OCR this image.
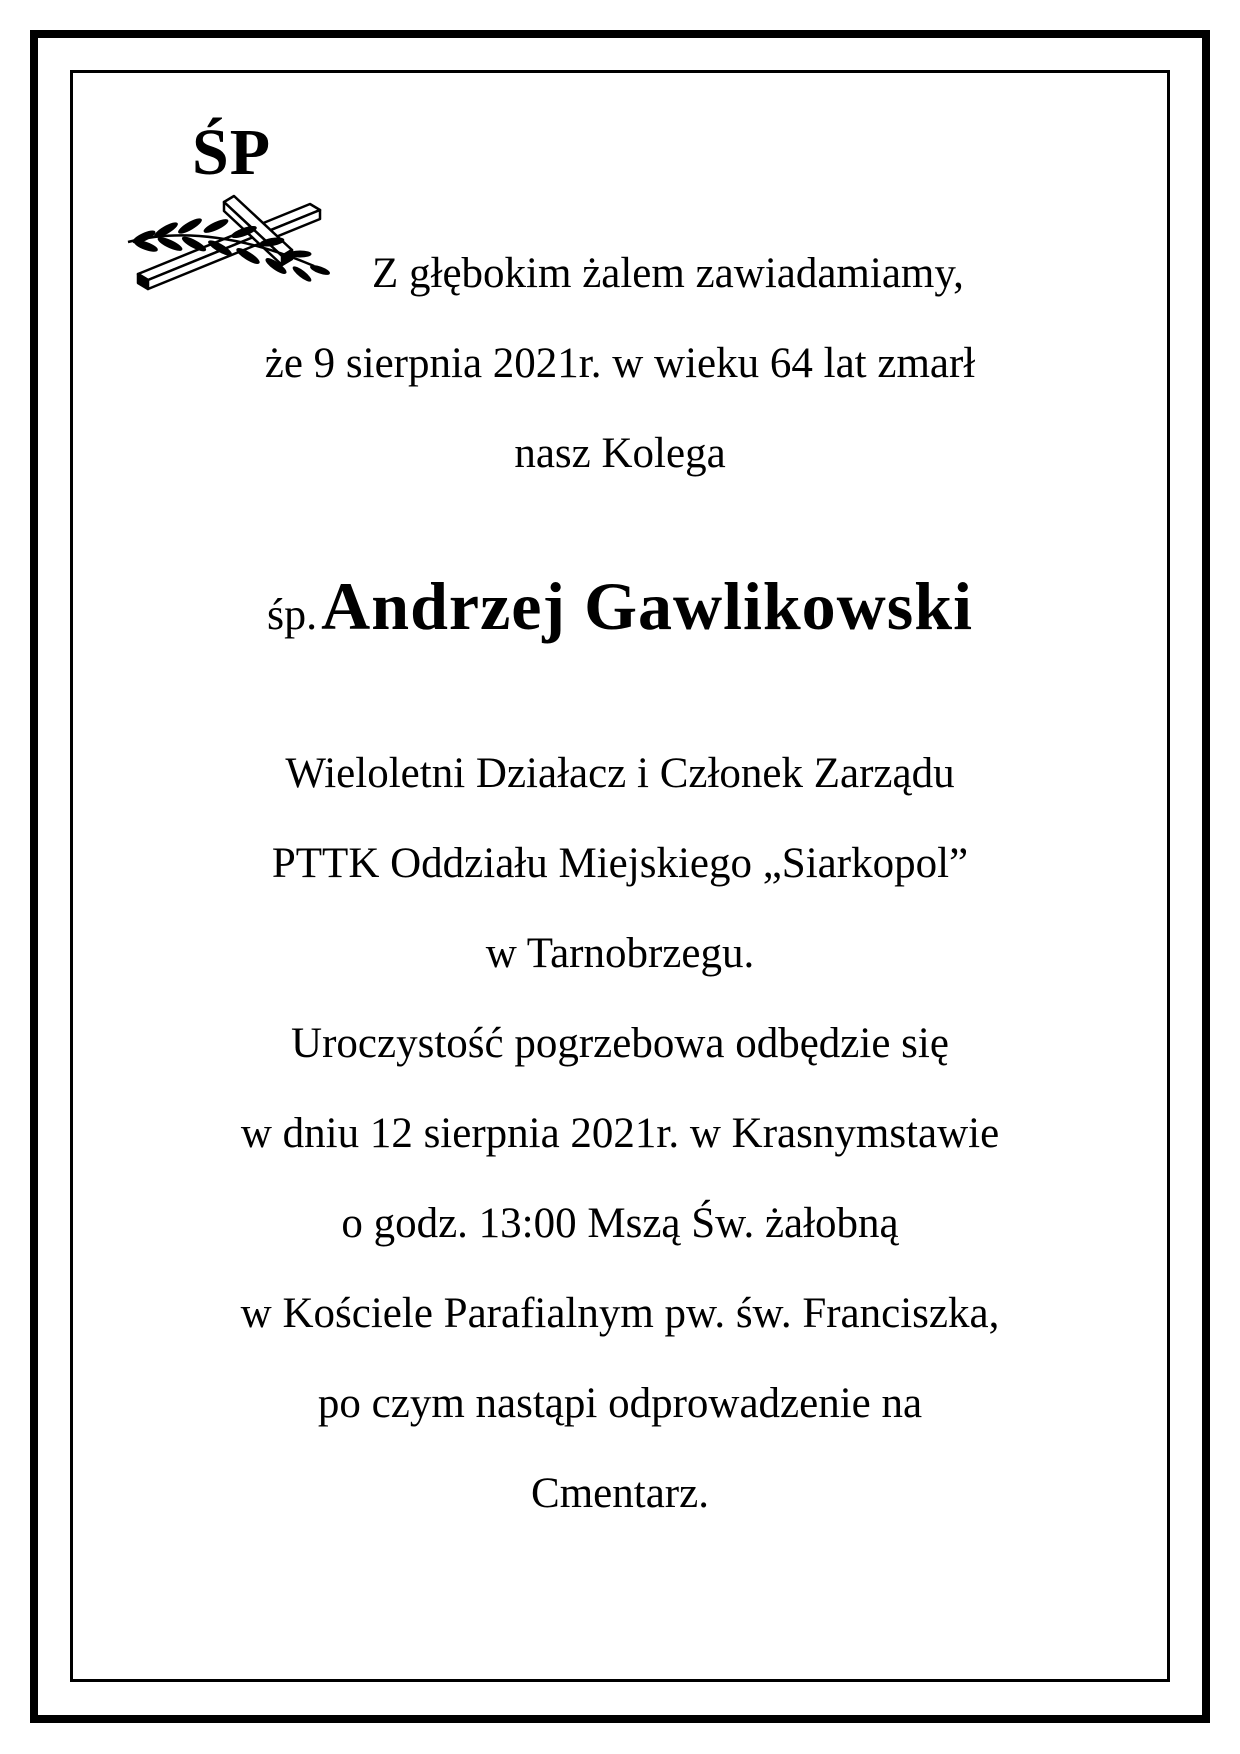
ŚP
Z głębokim żalem zawiadamiamy,
że 9 sierpnia 2021r. w wieku 64 lat zmarł
nasz Kolega
śp. Andrzej Gawlikowski
Wieloletni Działacz i Członek Zarządu
PTTK Oddziału Miejskiego „Siarkopol”
w Tarnobrzegu.
Uroczystość pogrzebowa odbędzie się
w dniu 12 sierpnia 2021r. w Krasnymstawie
o godz. 13:00 Mszą Św. żałobną
w Kościele Parafialnym pw. św. Franciszka,
po czym nastąpi odprowadzenie na
Cmentarz.
